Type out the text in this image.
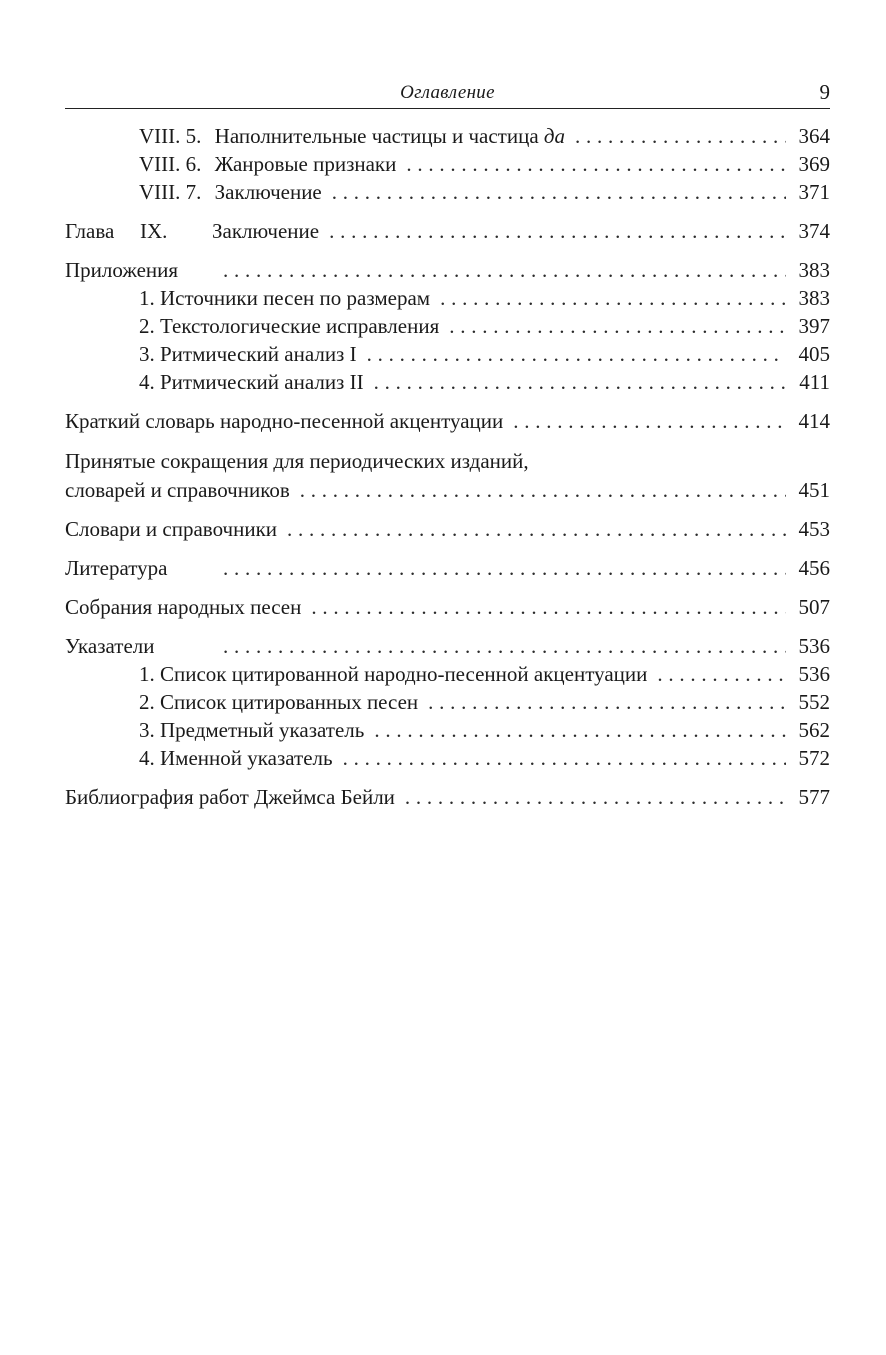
Оглавление	9
VIII. 5. Наполнительные частицы и частица да . . .	364
VIII. 6. Жанровые признаки . . .	369
VIII. 7. Заключение . . .	371
Глава IX. Заключение . . .	374
Приложения . . .	383
1. Источники песен по размерам . . .	383
2. Текстологические исправления . . .	397
3. Ритмический анализ I . . .	405
4. Ритмический анализ II . . .	411
Краткий словарь народно-песенной акцентуации . . .	414
Принятые сокращения для периодических изданий,
словарей и справочников . . .	451
Словари и справочники . . .	453
Литература . . .	456
Собрания народных песен . . .	507
Указатели . . .	536
1. Список цитированной народно-песенной акцентуации . . .	536
2. Список цитированных песен . . .	552
3. Предметный указатель . . .	562
4. Именной указатель . . .	572
Библиография работ Джеймса Бейли . . .	577
